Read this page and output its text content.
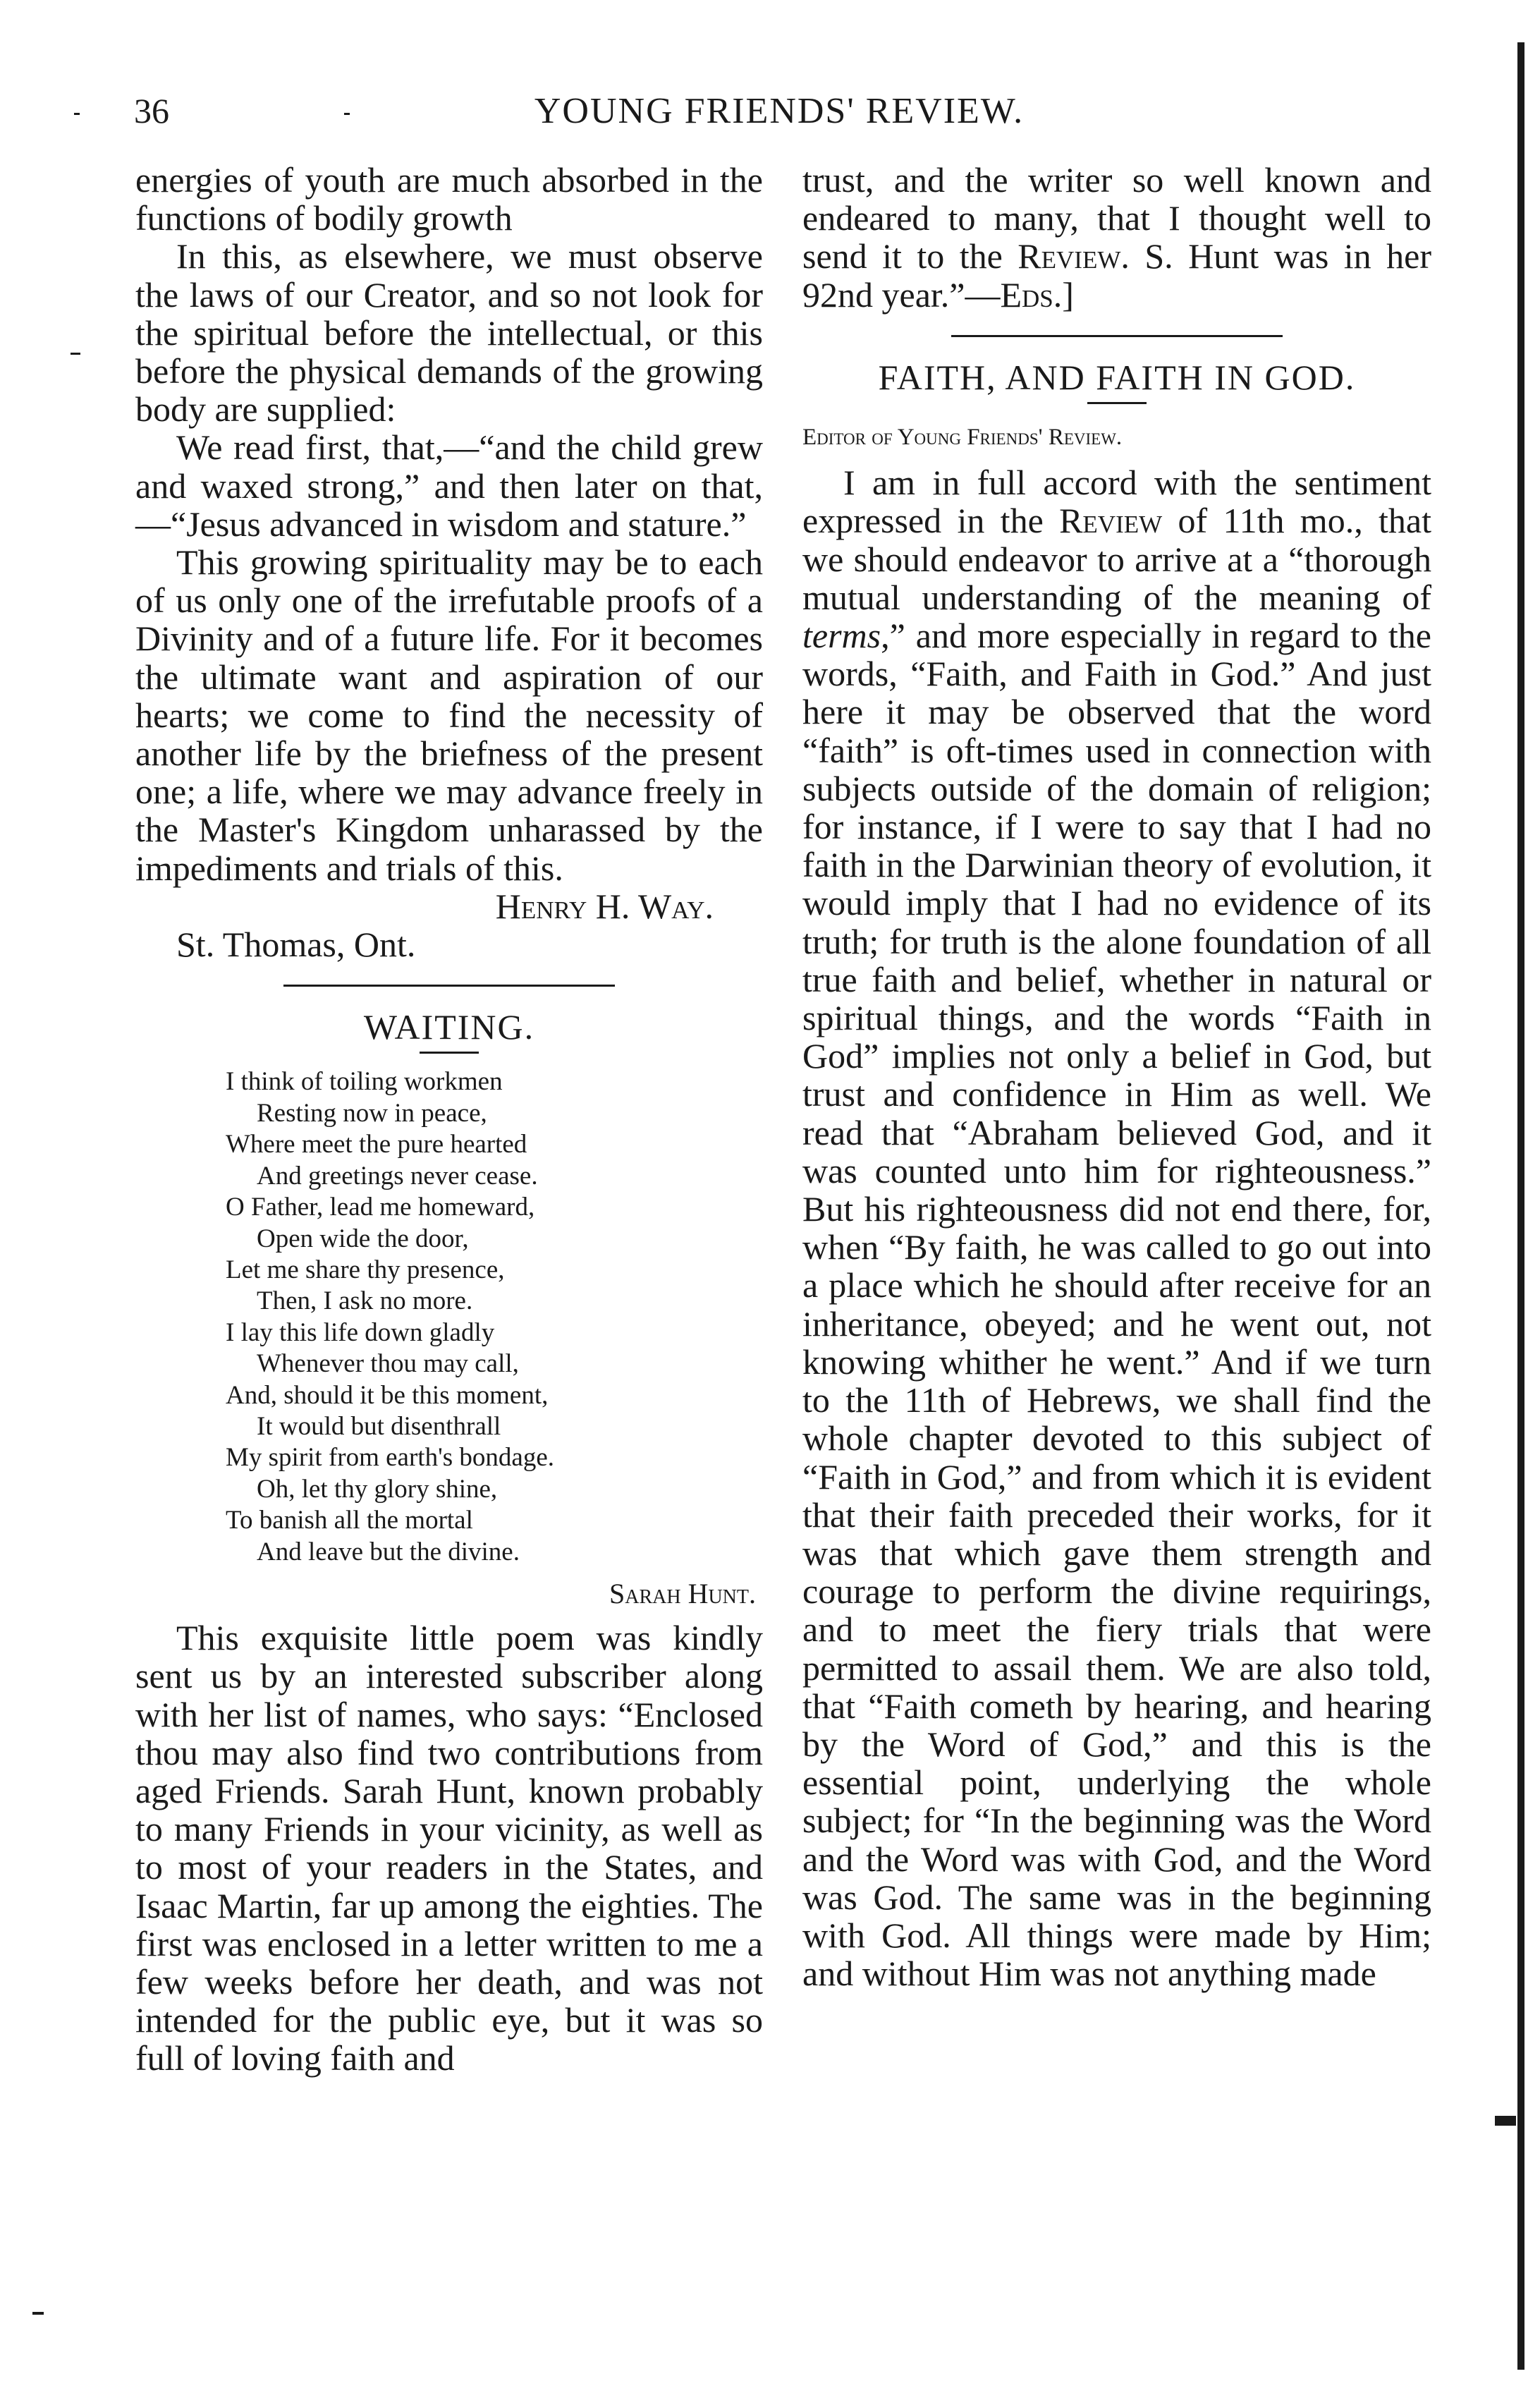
36	YOUNG FRIENDS' REVIEW.

energies of youth are much absorbed in the functions of bodily growth

In this, as elsewhere, we must observe the laws of our Creator, and so not look for the spiritual before the intellectual, or this before the physical demands of the growing body are supplied:

We read first, that,—“and the child grew and waxed strong,” and then later on that,—“Jesus advanced in wisdom and stature.”

This growing spirituality may be to each of us only one of the irrefutable proofs of a Divinity and of a future life. For it becomes the ultimate want and aspiration of our hearts; we come to find the necessity of another life by the briefness of the present one; a life, where we may advance freely in the Master's Kingdom unharassed by the impediments and trials of this.

Henry H. Way.
St. Thomas, Ont.
WAITING.
I think of toiling workmen
Resting now in peace,
Where meet the pure hearted
And greetings never cease.
O Father, lead me homeward,
Open wide the door,
Let me share thy presence,
Then, I ask no more.
I lay this life down gladly
Whenever thou may call,
And, should it be this moment,
It would but disenthrall
My spirit from earth's bondage.
Oh, let thy glory shine,
To banish all the mortal
And leave but the divine.
Sarah Hunt.

This exquisite little poem was kindly sent us by an interested subscriber along with her list of names, who says: “Enclosed thou may also find two contributions from aged Friends. Sarah Hunt, known probably to many Friends in your vicinity, as well as to most of your readers in the States, and Isaac Martin, far up among the eighties. The first was enclosed in a letter written to me a few weeks before her death, and was not intended for the public eye, but it was so full of loving faith and

trust, and the writer so well known and endeared to many, that I thought well to send it to the Review. S. Hunt was in her 92nd year.”—Eds.]

FAITH, AND FAITH IN GOD.
Editor of Young Friends' Review.

I am in full accord with the sentiment expressed in the Review of 11th mo., that we should endeavor to arrive at a “thorough mutual understanding of the meaning of terms,” and more especially in regard to the words, “Faith, and Faith in God.” And just here it may be observed that the word “faith” is oft-times used in connection with subjects outside of the domain of religion; for instance, if I were to say that I had no faith in the Darwinian theory of evolution, it would imply that I had no evidence of its truth; for truth is the alone foundation of all true faith and belief, whether in natural or spiritual things, and the words “Faith in God” implies not only a belief in God, but trust and confidence in Him as well. We read that “Abraham believed God, and it was counted unto him for righteousness.” But his righteousness did not end there, for, when “By faith, he was called to go out into a place which he should after receive for an inheritance, obeyed; and he went out, not knowing whither he went.” And if we turn to the 11th of Hebrews, we shall find the whole chapter devoted to this subject of “Faith in God,” and from which it is evident that their faith preceded their works, for it was that which gave them strength and courage to perform the divine requirings, and to meet the fiery trials that were permitted to assail them. We are also told, that “Faith cometh by hearing, and hearing by the Word of God,” and this is the essential point, underlying the whole subject; for “In the beginning was the Word and the Word was with God, and the Word was God. The same was in the beginning with God. All things were made by Him; and without Him was not anything made
